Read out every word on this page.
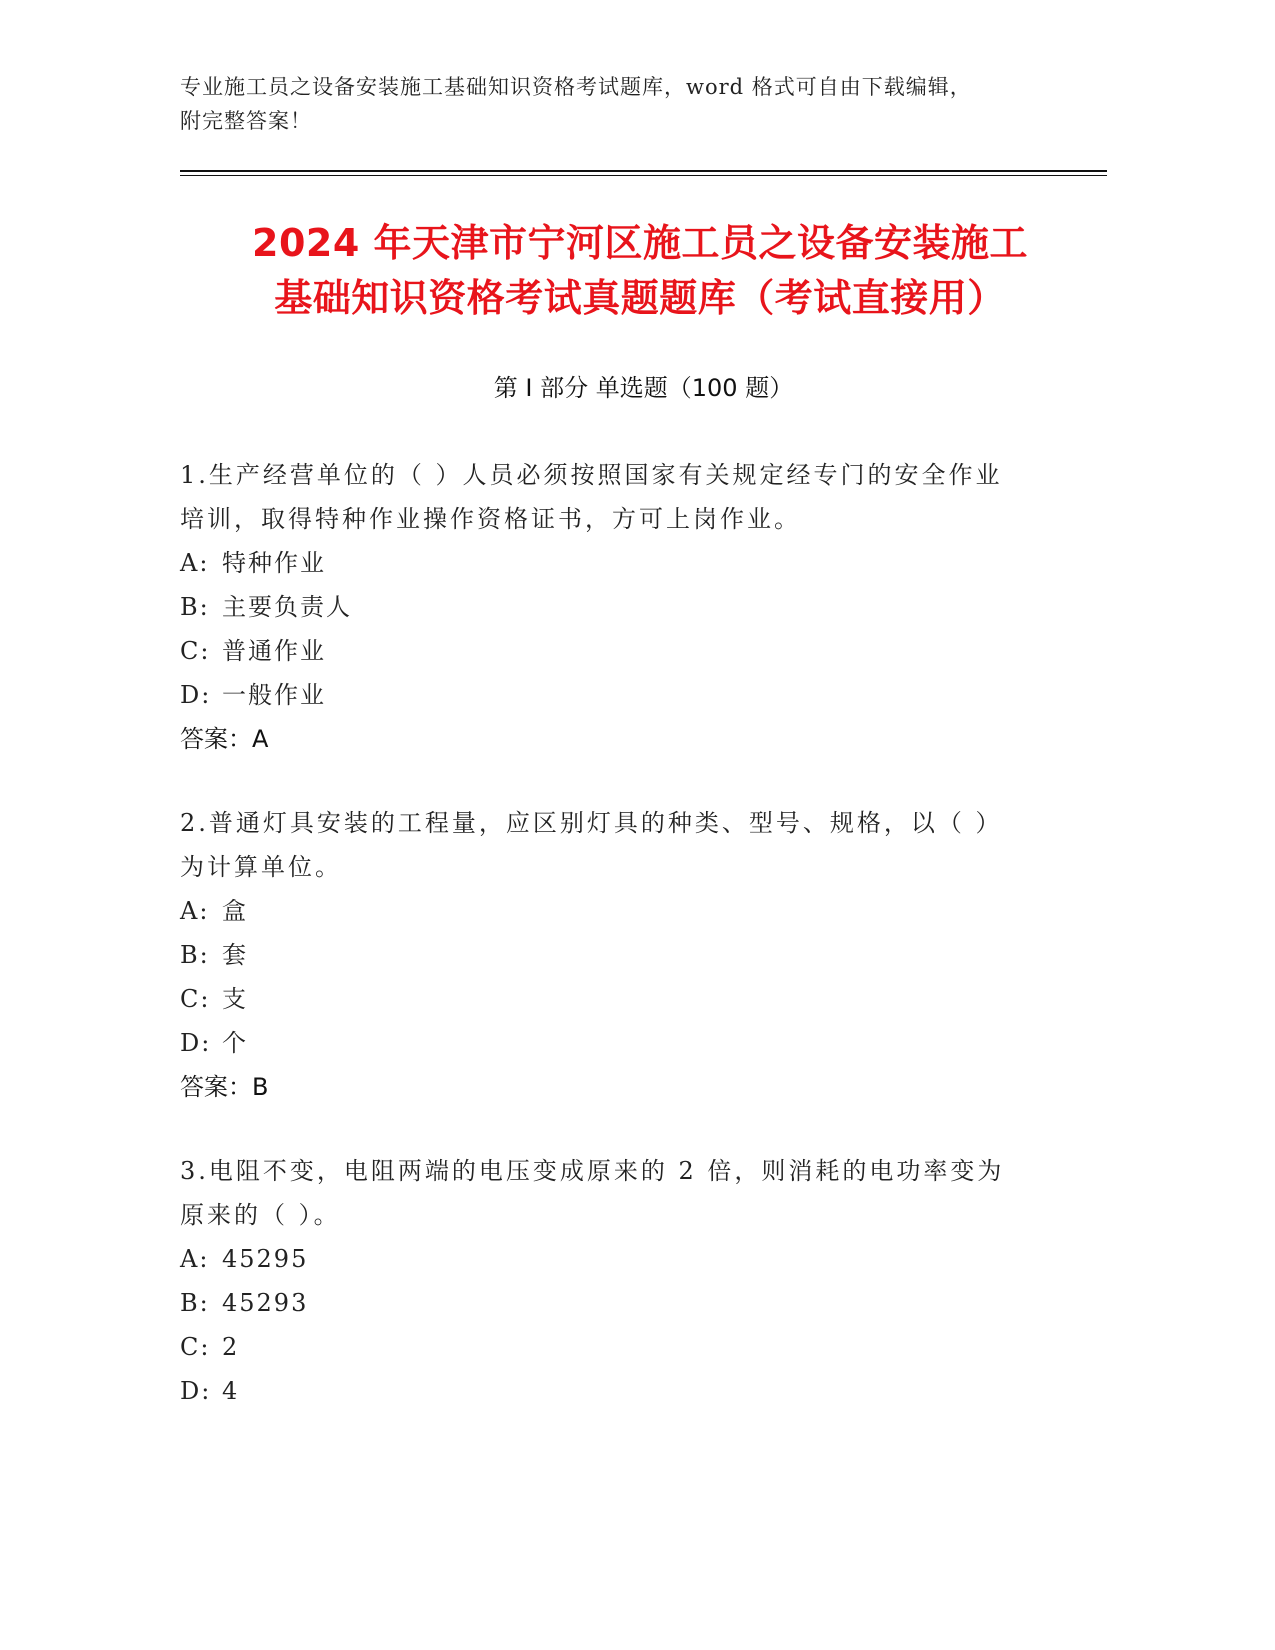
专业施工员之设备安装施工基础知识资格考试题库，word 格式可自由下载编辑，
附完整答案！
2024 年天津市宁河区施工员之设备安装施工
基础知识资格考试真题题库（考试直接用）
第 I 部分 单选题（100 题）
1.生产经营单位的（ ）人员必须按照国家有关规定经专门的安全作业
培训，取得特种作业操作资格证书，方可上岗作业。
A: 特种作业
B: 主要负责人
C: 普通作业
D: 一般作业
答案：A
2.普通灯具安装的工程量，应区别灯具的种类、型号、规格，以（ ）
为计算单位。
A: 盒
B: 套
C: 支
D: 个
答案：B
3.电阻不变，电阻两端的电压变成原来的 2 倍，则消耗的电功率变为
原来的（ ）。
A: 45295
B: 45293
C: 2
D: 4
